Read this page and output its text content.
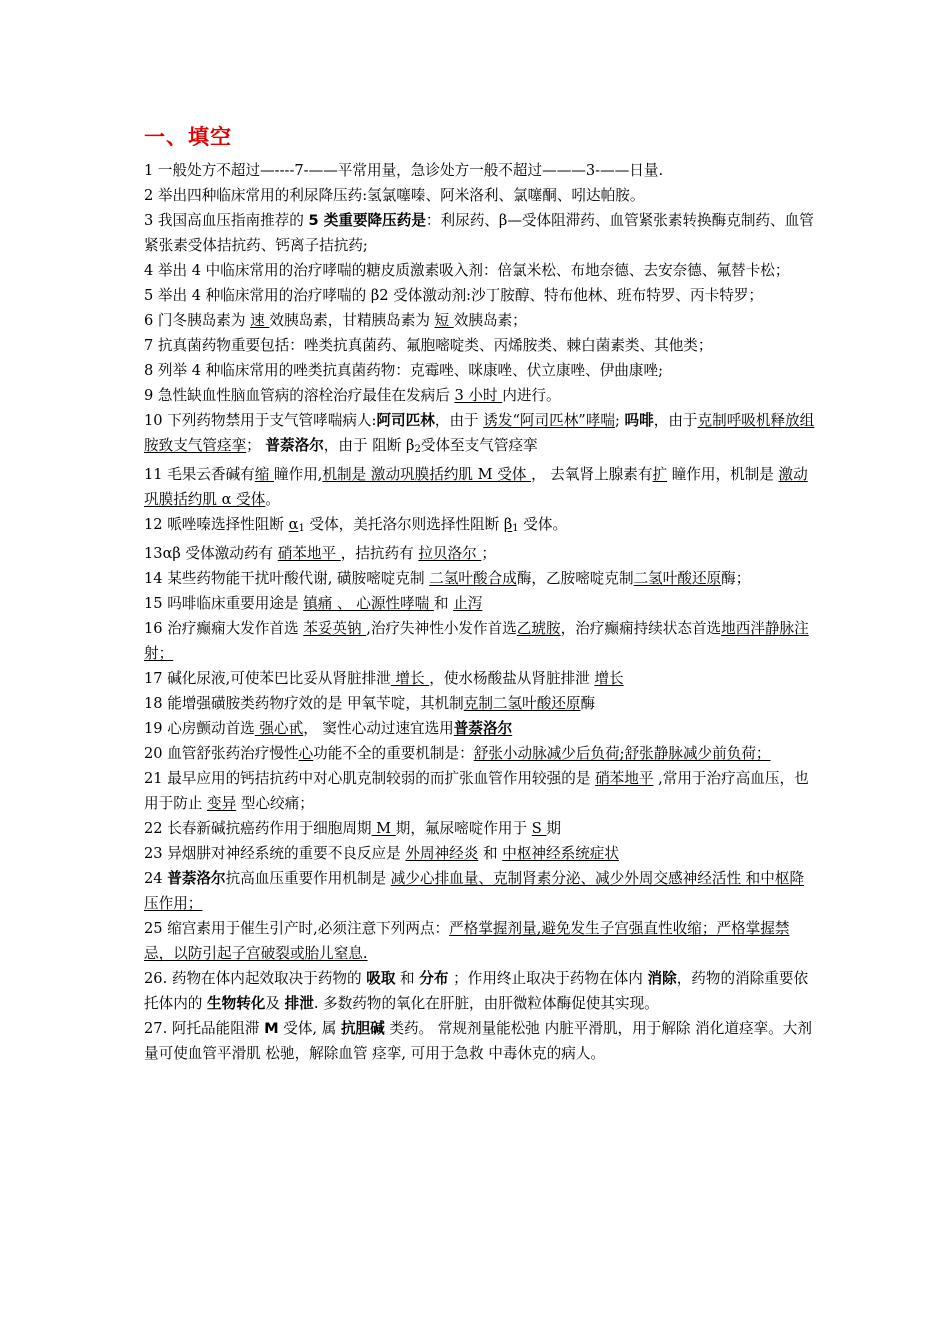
一、填空

1 一般处方不超过—----7-——平常用量，急诊处方一般不超过———3-——日量.

2 举出四种临床常用的利尿降压药:氢氯噻嗪、阿米洛利、氯噻酮、吲达帕胺。

3 我国高血压指南推荐的 5 类重要降压药是：利尿药、β—受体阻滞药、血管紧张素转换酶克制药、血管紧张素受体拮抗药、钙离子拮抗药;

4 举出 4 中临床常用的治疗哮喘的糖皮质激素吸入剂：倍氯米松、布地奈德、去安奈德、氟替卡松；

5 举出 4 种临床常用的治疗哮喘的 β2 受体激动剂:沙丁胺醇、特布他林、班布特罗、丙卡特罗；

6 门冬胰岛素为 速 效胰岛素，甘精胰岛素为 短 效胰岛素；

7 抗真菌药物重要包括：唑类抗真菌药、氟胞嘧啶类、丙烯胺类、棘白菌素类、其他类；

8 列举 4 种临床常用的唑类抗真菌药物：克霉唑、咪康唑、伏立康唑、伊曲康唑;

9 急性缺血性脑血管病的溶栓治疗最佳在发病后 3 小时 内进行。

10 下列药物禁用于支气管哮喘病人:阿司匹林，由于 诱发“阿司匹林”哮喘; 吗啡，由于克制呼吸机释放组胺致支气管痉挛； 普萘洛尔，由于 阻断 β2受体至支气管痉挛

11 毛果云香碱有缩 瞳作用,机制是 激动巩膜括约肌 M 受体 ， 去氧肾上腺素有扩 瞳作用，机制是 激动巩膜括约肌 α 受体。

12 哌唑嗪选择性阻断 α1 受体，美托洛尔则选择性阻断 β1 受体。

13αβ 受体激动药有 硝苯地平 ，拮抗药有 拉贝洛尔 ；

14 某些药物能干扰叶酸代谢, 磺胺嘧啶克制 二氢叶酸合成酶，乙胺嘧啶克制二氢叶酸还原酶；

15 吗啡临床重要用途是 镇痛 、 心源性哮喘 和 止泻

16 治疗癫痫大发作首选 苯妥英钠 ,治疗失神性小发作首选乙琥胺，治疗癫痫持续状态首选地西泮静脉注射；

17 碱化尿液,可使苯巴比妥从肾脏排泄 增长 ，使水杨酸盐从肾脏排泄 增长

18 能增强磺胺类药物疗效的是 甲氧苄啶，其机制克制二氢叶酸还原酶

19 心房颤动首选 强心甙， 窦性心动过速宜选用普萘洛尔

20 血管舒张药治疗慢性心功能不全的重要机制是：舒张小动脉减少后负荷;舒张静脉减少前负荷；

21 最早应用的钙拮抗药中对心肌克制较弱的而扩张血管作用较强的是 硝苯地平 ,常用于治疗高血压，也用于防止 变异 型心绞痛；

22 长春新碱抗癌药作用于细胞周期 M 期，氟尿嘧啶作用于 S 期

23 异烟肼对神经系统的重要不良反应是 外周神经炎 和 中枢神经系统症状

24 普萘洛尔抗高血压重要作用机制是 减少心排血量、克制肾素分泌、减少外周交感神经活性 和中枢降压作用；

25 缩宫素用于催生引产时,必须注意下列两点：严格掌握剂量,避免发生子宫强直性收缩；严格掌握禁忌，以防引起子宫破裂或胎儿窒息.

26. 药物在体内起效取决于药物的 吸取 和 分布 ；作用终止取决于药物在体内 消除，药物的消除重要依托体内的 生物转化及 排泄. 多数药物的氧化在肝脏，由肝微粒体酶促使其实现。

27. 阿托品能阻滞 M 受体, 属 抗胆碱 类药。 常规剂量能松弛 内脏平滑肌，用于解除 消化道痉挛。大剂量可使血管平滑肌 松驰，解除血管 痉挛, 可用于急救 中毒休克的病人。
